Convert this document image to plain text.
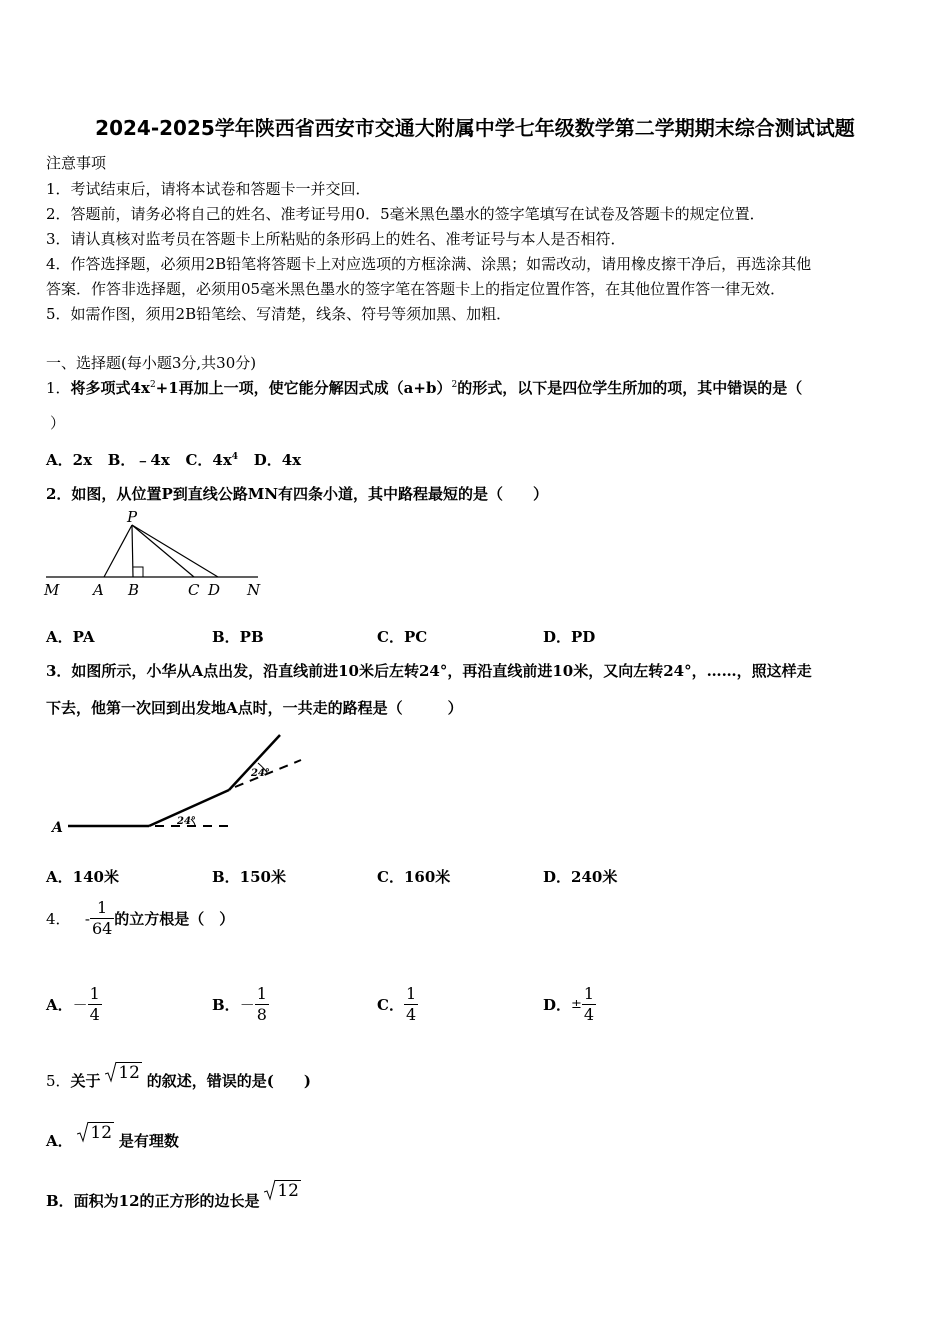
2024-2025学年陕西省西安市交通大附属中学七年级数学第二学期期末综合测试试题
注意事项
1．考试结束后，请将本试卷和答题卡一并交回．
2．答题前，请务必将自己的姓名、准考证号用0．5毫米黑色墨水的签字笔填写在试卷及答题卡的规定位置．
3．请认真核对监考员在答题卡上所粘贴的条形码上的姓名、准考证号与本人是否相符．
4．作答选择题，必须用2B铅笔将答题卡上对应选项的方框涂满、涂黑；如需改动，请用橡皮擦干净后，再选涂其他
答案．作答非选择题，必须用05毫米黑色墨水的签字笔在答题卡上的指定位置作答，在其他位置作答一律无效．
5．如需作图，须用2B铅笔绘、写清楚，线条、符号等须加黑、加粗．
一、选择题(每小题3分,共30分)
1．将多项式$4x^2+1$再加上一项，使它能分解因式成$(a+b)^2$的形式，以下是四位学生所加的项，其中错误的是（
）
A．2x B．﹣4x C．$4x^4$ D．4x
2．如图，从位置P到直线公路MN有四条小道，其中路程最短的是（　　）
P
M A B	C D N
A．PA	B．PB	C．PC	D．PD
3．如图所示，小华从A点出发，沿直线前进10米后左转24°，再沿直线前进10米，又向左转24°，……，照这样走
下去，他第一次回到出发地A点时，一共走的路程是（　　　）
A	24°
24°
A．140米	B．150米	C．160米	D．240米
4． - $\frac{1}{64}$ 的立方根是（　）
A．－ $\frac{1}{4}$	B．－ $\frac{1}{8}$	C． $\frac{1}{4}$	D．± $\frac{1}{4}$
5．关于 12 的叙述，错误的是(　　)
A． 12 是有理数
B．面积为12的正方形的边长是 12
